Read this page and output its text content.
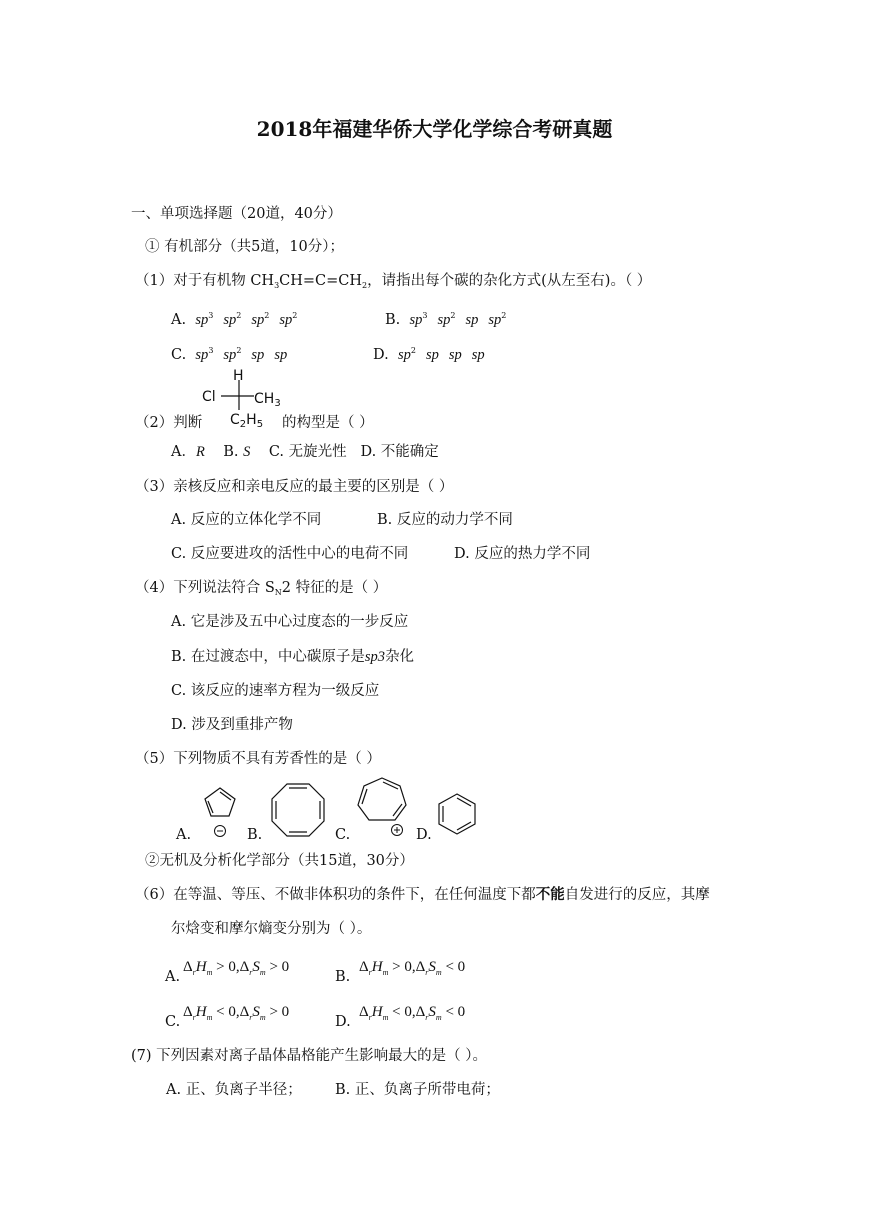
2018年福建华侨大学化学综合考研真题
一、单项选择题（20道，40分）
① 有机部分（共5道，10分）；
（1）对于有机物 $CH_3CH=C=CH_2$，请指出每个碳的杂化方式(从左至右)。（ ）
A. $sp^3$ $sp^2$ $sp^2$ $sp^2$	B. $sp^3$ $sp^2$ sp $sp^2$
C. $sp^3$ $sp^2$ sp sp	D. $sp^2$ sp sp sp
H
Cl	$CH_3$
$C_2H_5$
（2）判断	的构型是（ ）
A．R B. S C. 无旋光性 D. 不能确定
（3）亲核反应和亲电反应的最主要的区别是（ ）
A. 反应的立体化学不同	B. 反应的动力学不同
C. 反应要进攻的活性中心的电荷不同	D. 反应的热力学不同
（4）下列说法符合 $S_N2$ 特征的是（ ）
A. 它是涉及五中心过度态的一步反应
B. 在过渡态中，中心碳原子是sp3杂化
C. 该反应的速率方程为一级反应
D. 涉及到重排产物
（5）下列物质不具有芳香性的是（ ）
A.	B.	C.	D.
②无机及分析化学部分（共15道，30分）
（6）在等温、等压、不做非体积功的条件下，在任何温度下都不能自发进行的反应，其摩
尔焓变和摩尔熵变分别为（ ）。
A.
$\Delta_rH_m > 0,\Delta_rS_m > 0$
B.
$\Delta_rH_m > 0,\Delta_rS_m < 0$
C.
$\Delta_rH_m < 0,\Delta_rS_m > 0$
D.
$\Delta_rH_m < 0,\Delta_rS_m < 0$
(7) 下列因素对离子晶体晶格能产生影响最大的是（ ）。
A. 正、负离子半径； B. 正、负离子所带电荷；
